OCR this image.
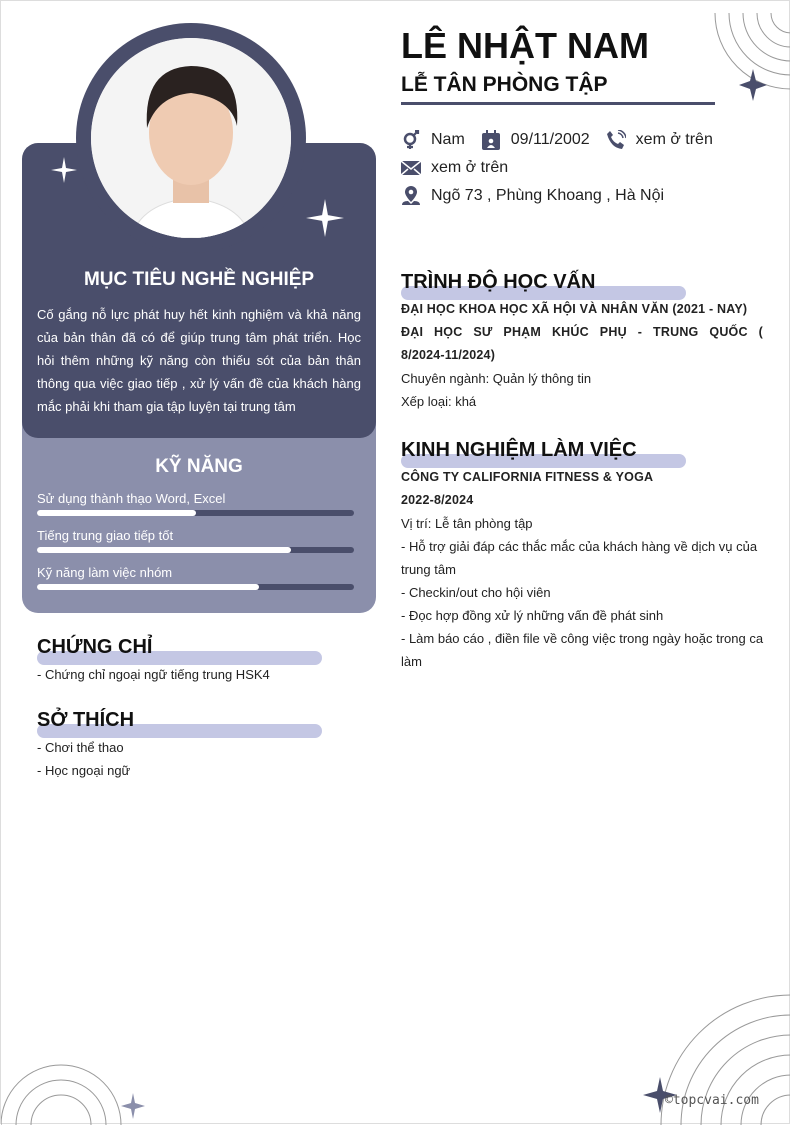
MỤC TIÊU NGHỀ NGHIỆP
Cố gắng nỗ lực phát huy hết kinh nghiệm và khả năng của bản thân đã có để giúp trung tâm phát triển. Học hỏi thêm những kỹ năng còn thiếu sót của bản thân thông qua việc giao tiếp , xử lý vấn đề của khách hàng mắc phải khi tham gia tập luyện tại trung tâm
KỸ NĂNG
Sử dụng thành thạo Word, Excel
Tiếng trung giao tiếp tốt
Kỹ năng làm việc nhóm
CHỨNG CHỈ
- Chứng chỉ ngoại ngữ tiếng trung HSK4
SỞ THÍCH
- Chơi thể thao
- Học ngoại ngữ
LÊ NHẬT NAM
LỄ TÂN PHÒNG TẬP
Nam	09/11/2002	xem ở trên
xem ở trên
Ngõ 73 , Phùng Khoang , Hà Nội
TRÌNH ĐỘ HỌC VẤN
ĐẠI HỌC KHOA HỌC XÃ HỘI VÀ NHÂN VĂN (2021 - NAY)
ĐẠI HỌC SƯ PHẠM KHÚC PHỤ - TRUNG QUỐC ( 8/2024-11/2024)
Chuyên ngành: Quản lý thông tin
Xếp loại: khá
KINH NGHIỆM LÀM VIỆC
CÔNG TY CALIFORNIA FITNESS & YOGA
2022-8/2024
Vị trí: Lễ tân phòng tập
- Hỗ trợ giải đáp các thắc mắc của khách hàng về dịch vụ của trung tâm
- Checkin/out cho hội viên
- Đọc hợp đồng xử lý những vấn đề phát sinh
- Làm báo cáo , điền file về công việc trong ngày hoặc trong ca làm
©topcvai.com
